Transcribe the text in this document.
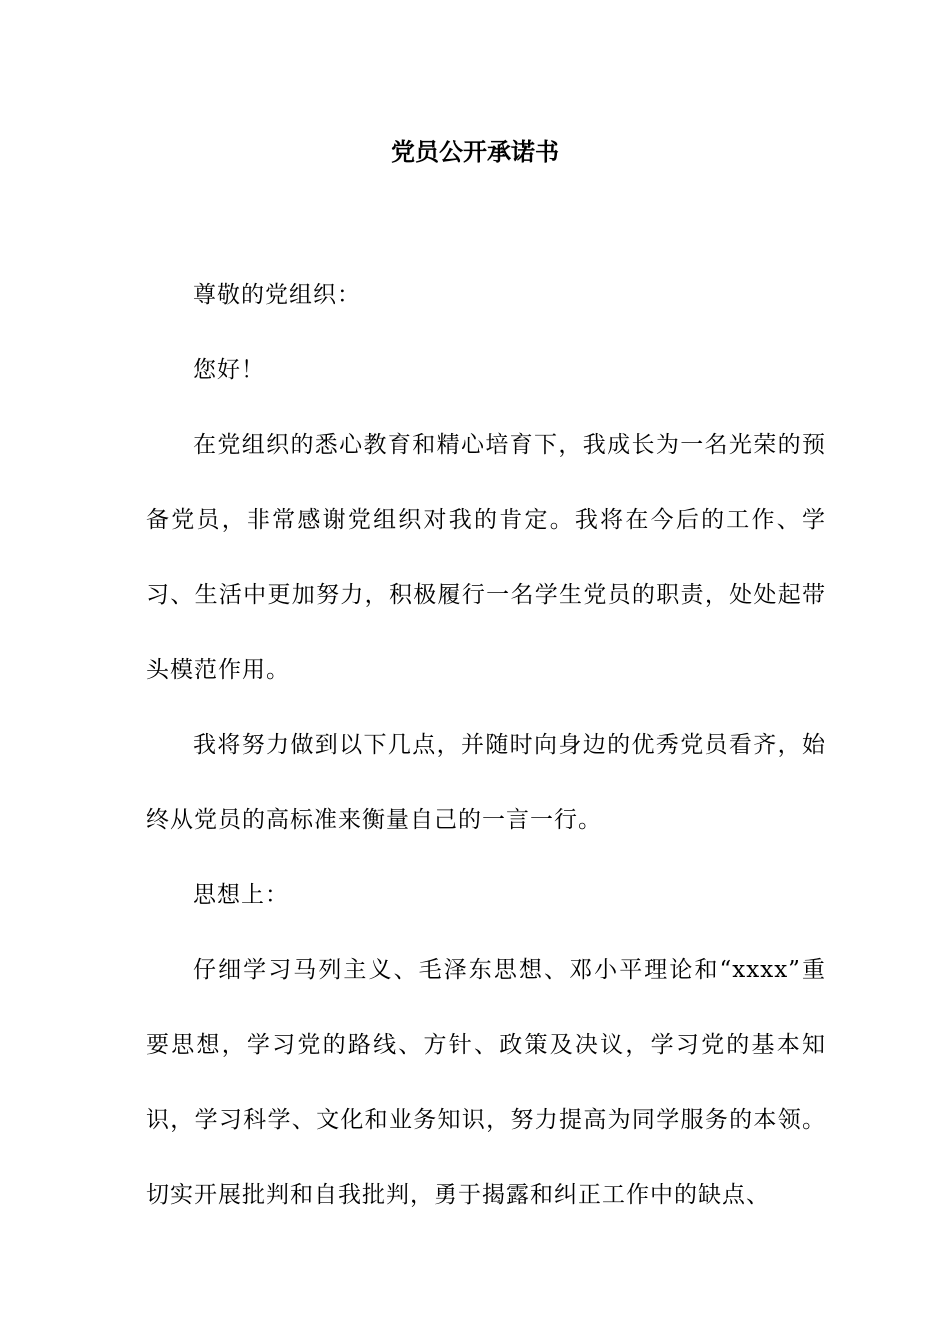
党员公开承诺书

尊敬的党组织：

您好！

在党组织的悉心教育和精心培育下，我成长为一名光荣的预备党员，非常感谢党组织对我的肯定。我将在今后的工作、学习、生活中更加努力，积极履行一名学生党员的职责，处处起带头模范作用。

我将努力做到以下几点，并随时向身边的优秀党员看齐，始终从党员的高标准来衡量自己的一言一行。

思想上：

仔细学习马列主义、毛泽东思想、邓小平理论和“xxxx”重要思想，学习党的路线、方针、政策及决议，学习党的基本知识，学习科学、文化和业务知识，努力提高为同学服务的本领。切实开展批判和自我批判，勇于揭露和纠正工作中的缺点、
